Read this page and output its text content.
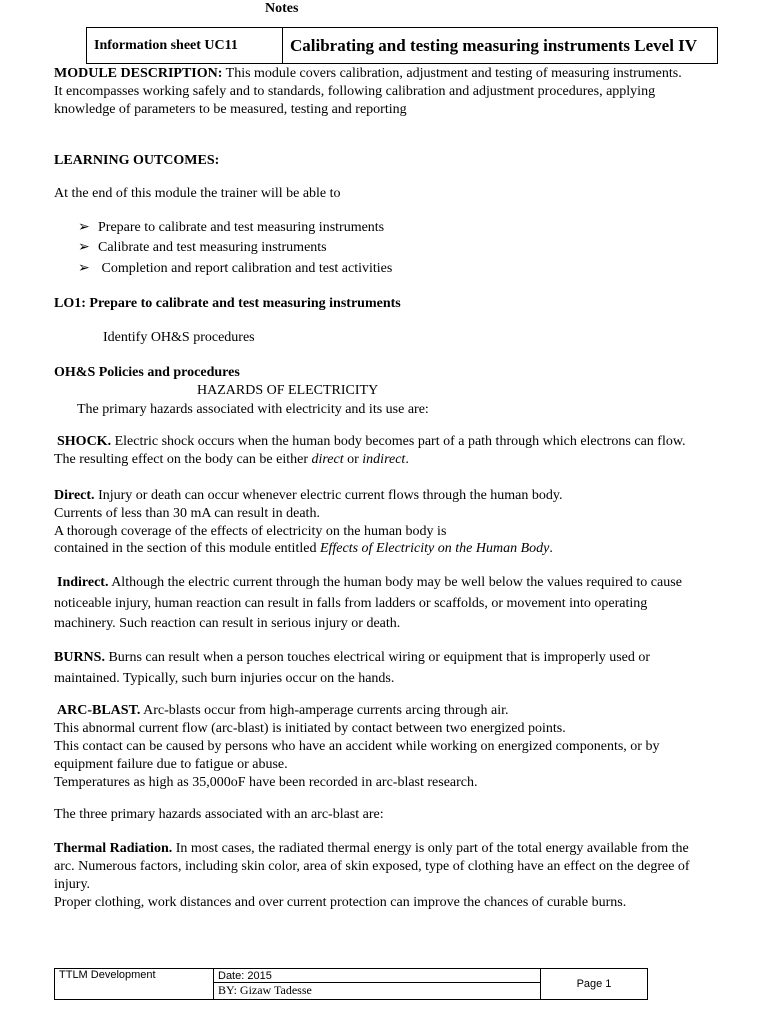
Notes
Information sheet UC11	Calibrating and testing measuring instruments Level IV
MODULE DESCRIPTION: This module covers calibration, adjustment and testing of measuring instruments.
It encompasses working safely and to standards, following calibration and adjustment procedures, applying
knowledge of parameters to be measured, testing and reporting
LEARNING OUTCOMES:
At the end of this module the trainer will be able to
➢ Prepare to calibrate and test measuring instruments
➢ Calibrate and test measuring instruments
➢ Completion and report calibration and test activities
LO1: Prepare to calibrate and test measuring instruments
Identify OH&S procedures
OH&S Policies and procedures
HAZARDS OF ELECTRICITY
The primary hazards associated with electricity and its use are:
SHOCK. Electric shock occurs when the human body becomes part of a path through which electrons can flow.
The resulting effect on the body can be either direct or indirect.
Direct. Injury or death can occur whenever electric current flows through the human body.
Currents of less than 30 mA can result in death.
A thorough coverage of the effects of electricity on the human body is
contained in the section of this module entitled Effects of Electricity on the Human Body.
Indirect. Although the electric current through the human body may be well below the values required to cause
noticeable injury, human reaction can result in falls from ladders or scaffolds, or movement into operating
machinery. Such reaction can result in serious injury or death.
BURNS. Burns can result when a person touches electrical wiring or equipment that is improperly used or
maintained. Typically, such burn injuries occur on the hands.
ARC-BLAST. Arc-blasts occur from high-amperage currents arcing through air.
This abnormal current flow (arc-blast) is initiated by contact between two energized points.
This contact can be caused by persons who have an accident while working on energized components, or by
equipment failure due to fatigue or abuse.
Temperatures as high as 35,000oF have been recorded in arc-blast research.
The three primary hazards associated with an arc-blast are:
Thermal Radiation. In most cases, the radiated thermal energy is only part of the total energy available from the
arc. Numerous factors, including skin color, area of skin exposed, type of clothing have an effect on the degree of
injury.
Proper clothing, work distances and over current protection can improve the chances of curable burns.
TTLM Development	Date: 2015	Page 1
BY: Gizaw Tadesse
